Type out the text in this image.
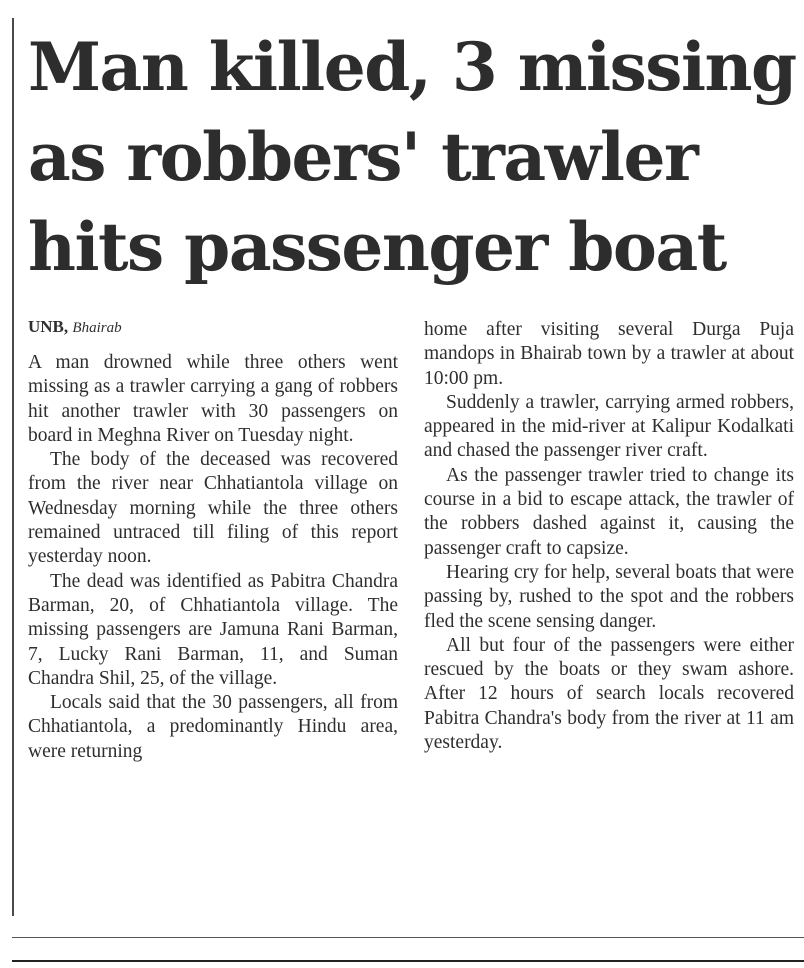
Man killed, 3 missing
as robbers' trawler
hits passenger boat
UNB, Bhairab

A man drowned while three others went missing as a trawler carrying a gang of robbers hit another trawler with 30 passengers on board in Meghna River on Tuesday night.

The body of the deceased was recovered from the river near Chhatiantola village on Wednesday morning while the three others remained untraced till filing of this report yesterday noon.

The dead was identified as Pabitra Chandra Barman, 20, of Chhatiantola village. The missing passengers are Jamuna Rani Barman, 7, Lucky Rani Barman, 11, and Suman Chandra Shil, 25, of the village.

Locals said that the 30 passengers, all from Chhatiantola, a predominantly Hindu area, were returning

home after visiting several Durga Puja mandops in Bhairab town by a trawler at about 10:00 pm.

Suddenly a trawler, carrying armed robbers, appeared in the mid-river at Kalipur Kodalkati and chased the passenger river craft.

As the passenger trawler tried to change its course in a bid to escape attack, the trawler of the robbers dashed against it, causing the passenger craft to capsize.

Hearing cry for help, several boats that were passing by, rushed to the spot and the robbers fled the scene sensing danger.

All but four of the passengers were either rescued by the boats or they swam ashore. After 12 hours of search locals recovered Pabitra Chandra's body from the river at 11 am yesterday.
